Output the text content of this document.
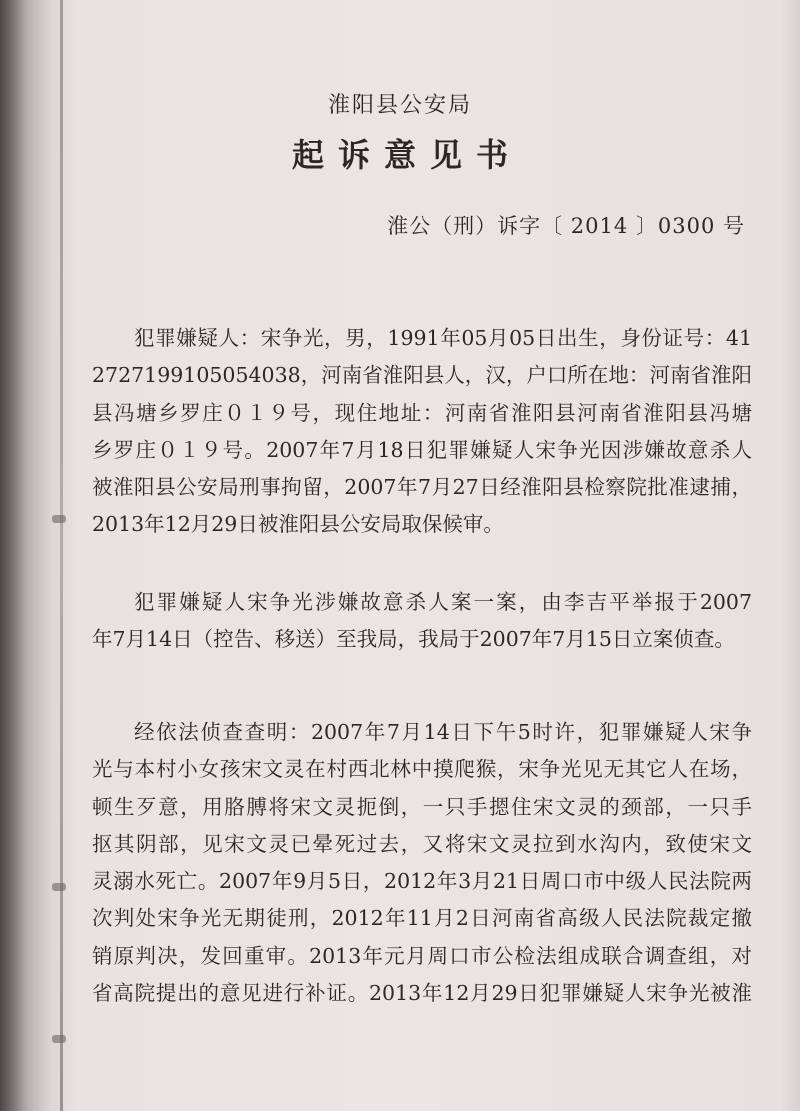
淮阳县公安局
起诉意见书
淮公（刑）诉字〔 2014 〕0300 号
犯罪嫌疑人：宋争光，男，1991年05月05日出生，身份证号：41
2727199105054038，河南省淮阳县人，汉，户口所在地：河南省淮阳
县冯塘乡罗庄０１９号，现住地址：河南省淮阳县河南省淮阳县冯塘
乡罗庄０１９号。2007年7月18日犯罪嫌疑人宋争光因涉嫌故意杀人
被淮阳县公安局刑事拘留，2007年7月27日经淮阳县检察院批准逮捕，
2013年12月29日被淮阳县公安局取保候审。
犯罪嫌疑人宋争光涉嫌故意杀人案一案，由李吉平举报于2007
年7月14日（控告、移送）至我局，我局于2007年7月15日立案侦查。
经依法侦查查明：2007年7月14日下午5时许，犯罪嫌疑人宋争
光与本村小女孩宋文灵在村西北林中摸爬猴，宋争光见无其它人在场，
顿生歹意，用胳膊将宋文灵扼倒，一只手摁住宋文灵的颈部，一只手
抠其阴部，见宋文灵已晕死过去，又将宋文灵拉到水沟内，致使宋文
灵溺水死亡。2007年9月5日，2012年3月21日周口市中级人民法院两
次判处宋争光无期徒刑，2012年11月2日河南省高级人民法院裁定撤
销原判决，发回重审。2013年元月周口市公检法组成联合调查组，对
省高院提出的意见进行补证。2013年12月29日犯罪嫌疑人宋争光被淮
